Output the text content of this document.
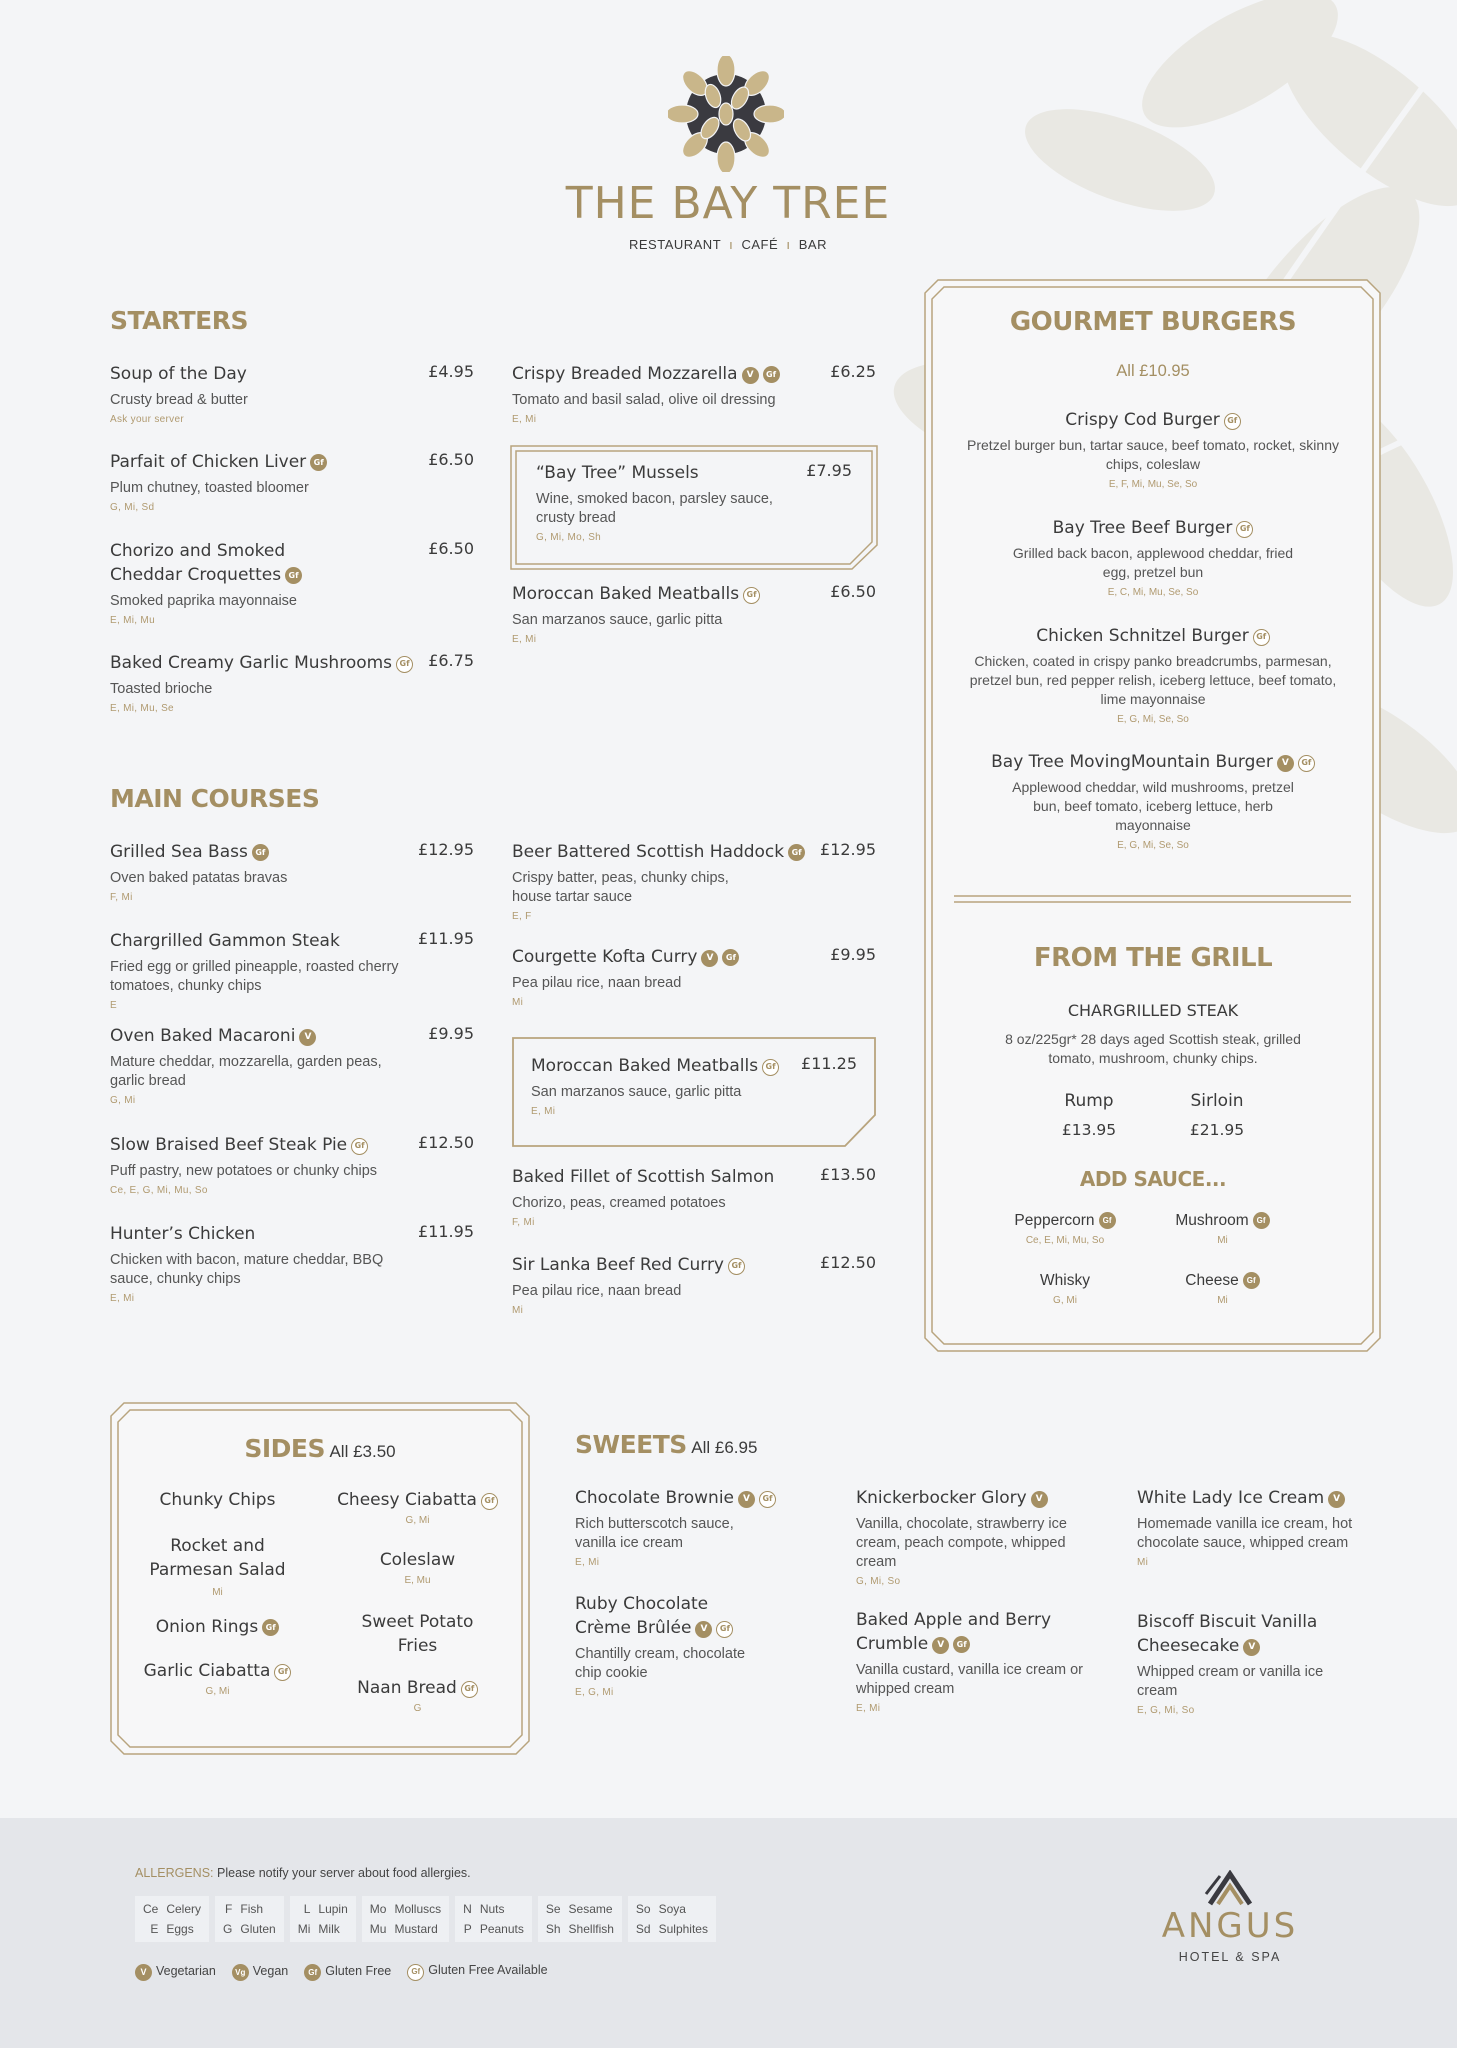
THE BAY TREE
RESTAURANT  ı  CAFÉ  ı  BAR
STARTERS
Soup of the Day	£4.95
Crusty bread & butter
Ask your server
Parfait of Chicken Liver Gf	£6.50
Plum chutney, toasted bloomer
G, Mi, Sd
Chorizo and Smoked Cheddar Croquettes Gf
£6.50
Smoked paprika mayonnaise
E, Mi, Mu
Baked Creamy Garlic Mushrooms Gf	£6.75
Toasted brioche
E, Mi, Mu, Se
Crispy Breaded Mozzarella V Gf	£6.25
Tomato and basil salad, olive oil dressing
E, Mi
“Bay Tree” Mussels	£7.95
Wine, smoked bacon, parsley sauce, crusty bread
G, Mi, Mo, Sh
Moroccan Baked Meatballs Gf	£6.50
San marzanos sauce, garlic pitta
E, Mi
MAIN COURSES
Grilled Sea Bass Gf	£12.95
Oven baked patatas bravas
F, Mi
Chargrilled Gammon Steak	£11.95
Fried egg or grilled pineapple, roasted cherry tomatoes, chunky chips
E
Oven Baked Macaroni V	£9.95
Mature cheddar, mozzarella, garden peas, garlic bread
G, Mi
Slow Braised Beef Steak Pie Gf	£12.50
Puff pastry, new potatoes or chunky chips
Ce, E, G, Mi, Mu, So
Hunter’s Chicken	£11.95
Chicken with bacon, mature cheddar, BBQ sauce, chunky chips
E, Mi
Beer Battered Scottish Haddock Gf	£12.95
Crispy batter, peas, chunky chips, house tartar sauce
E, F
Courgette Kofta Curry V Gf	£9.95
Pea pilau rice, naan bread
Mi
Moroccan Baked Meatballs Gf	£11.25
San marzanos sauce, garlic pitta
E, Mi
Baked Fillet of Scottish Salmon	£13.50
Chorizo, peas, creamed potatoes
F, Mi
Sir Lanka Beef Red Curry Gf	£12.50
Pea pilau rice, naan bread
Mi
GOURMET BURGERS
All £10.95
Crispy Cod Burger Gf
Pretzel burger bun, tartar sauce, beef tomato, rocket, skinny chips, coleslaw
E, F, Mi, Mu, Se, So
Bay Tree Beef Burger Gf
Grilled back bacon, applewood cheddar, fried egg, pretzel bun
E, C, Mi, Mu, Se, So
Chicken Schnitzel Burger Gf
Chicken, coated in crispy panko breadcrumbs, parmesan, pretzel bun, red pepper relish, iceberg lettuce, beef tomato, lime mayonnaise
E, G, Mi, Se, So
Bay Tree MovingMountain Burger V Gf
Applewood cheddar, wild mushrooms, pretzel bun, beef tomato, iceberg lettuce, herb mayonnaise
E, G, Mi, Se, So
FROM THE GRILL
CHARGRILLED STEAK
8 oz/225gr* 28 days aged Scottish steak, grilled tomato, mushroom, chunky chips.
Rump
£13.95
Sirloin
£21.95
ADD SAUCE...
Peppercorn Gf
Ce, E, Mi, Mu, So
Mushroom Gf
Mi
Whisky
G, Mi
Cheese Gf
Mi
SIDES All £3.50
Chunky Chips
Rocket and Parmesan Salad
Mi
Onion Rings Gf
Garlic Ciabatta Gf
G, Mi
Cheesy Ciabatta Gf
G, Mi
Coleslaw
E, Mu
Sweet Potato Fries
Naan Bread Gf
G
SWEETS All £6.95
Chocolate Brownie V Gf
Rich butterscotch sauce, vanilla ice cream
E, Mi
Ruby Chocolate Crème Brûlée V Gf
Chantilly cream, chocolate chip cookie
E, G, Mi
Knickerbocker Glory V
Vanilla, chocolate, strawberry ice cream, peach compote, whipped cream
G, Mi, So
Baked Apple and Berry Crumble V Gf
Vanilla custard, vanilla ice cream or whipped cream
E, Mi
White Lady Ice Cream V
Homemade vanilla ice cream, hot chocolate sauce, whipped cream
Mi
Biscoff Biscuit Vanilla Cheesecake V
Whipped cream or vanilla ice cream
E, G, Mi, So
ALLERGENS: Please notify your server about food allergies.
Ce Celery
E Eggs
F Fish
G Gluten
L Lupin
Mi Milk
Mo Molluscs
Mu Mustard
N Nuts
P Peanuts
Se Sesame
Sh Shellfish
So Soya
Sd Sulphites
V Vegetarian	Vg Vegan	Gf Gluten Free	Gf Gluten Free Available
ANGUS
HOTEL & SPA
